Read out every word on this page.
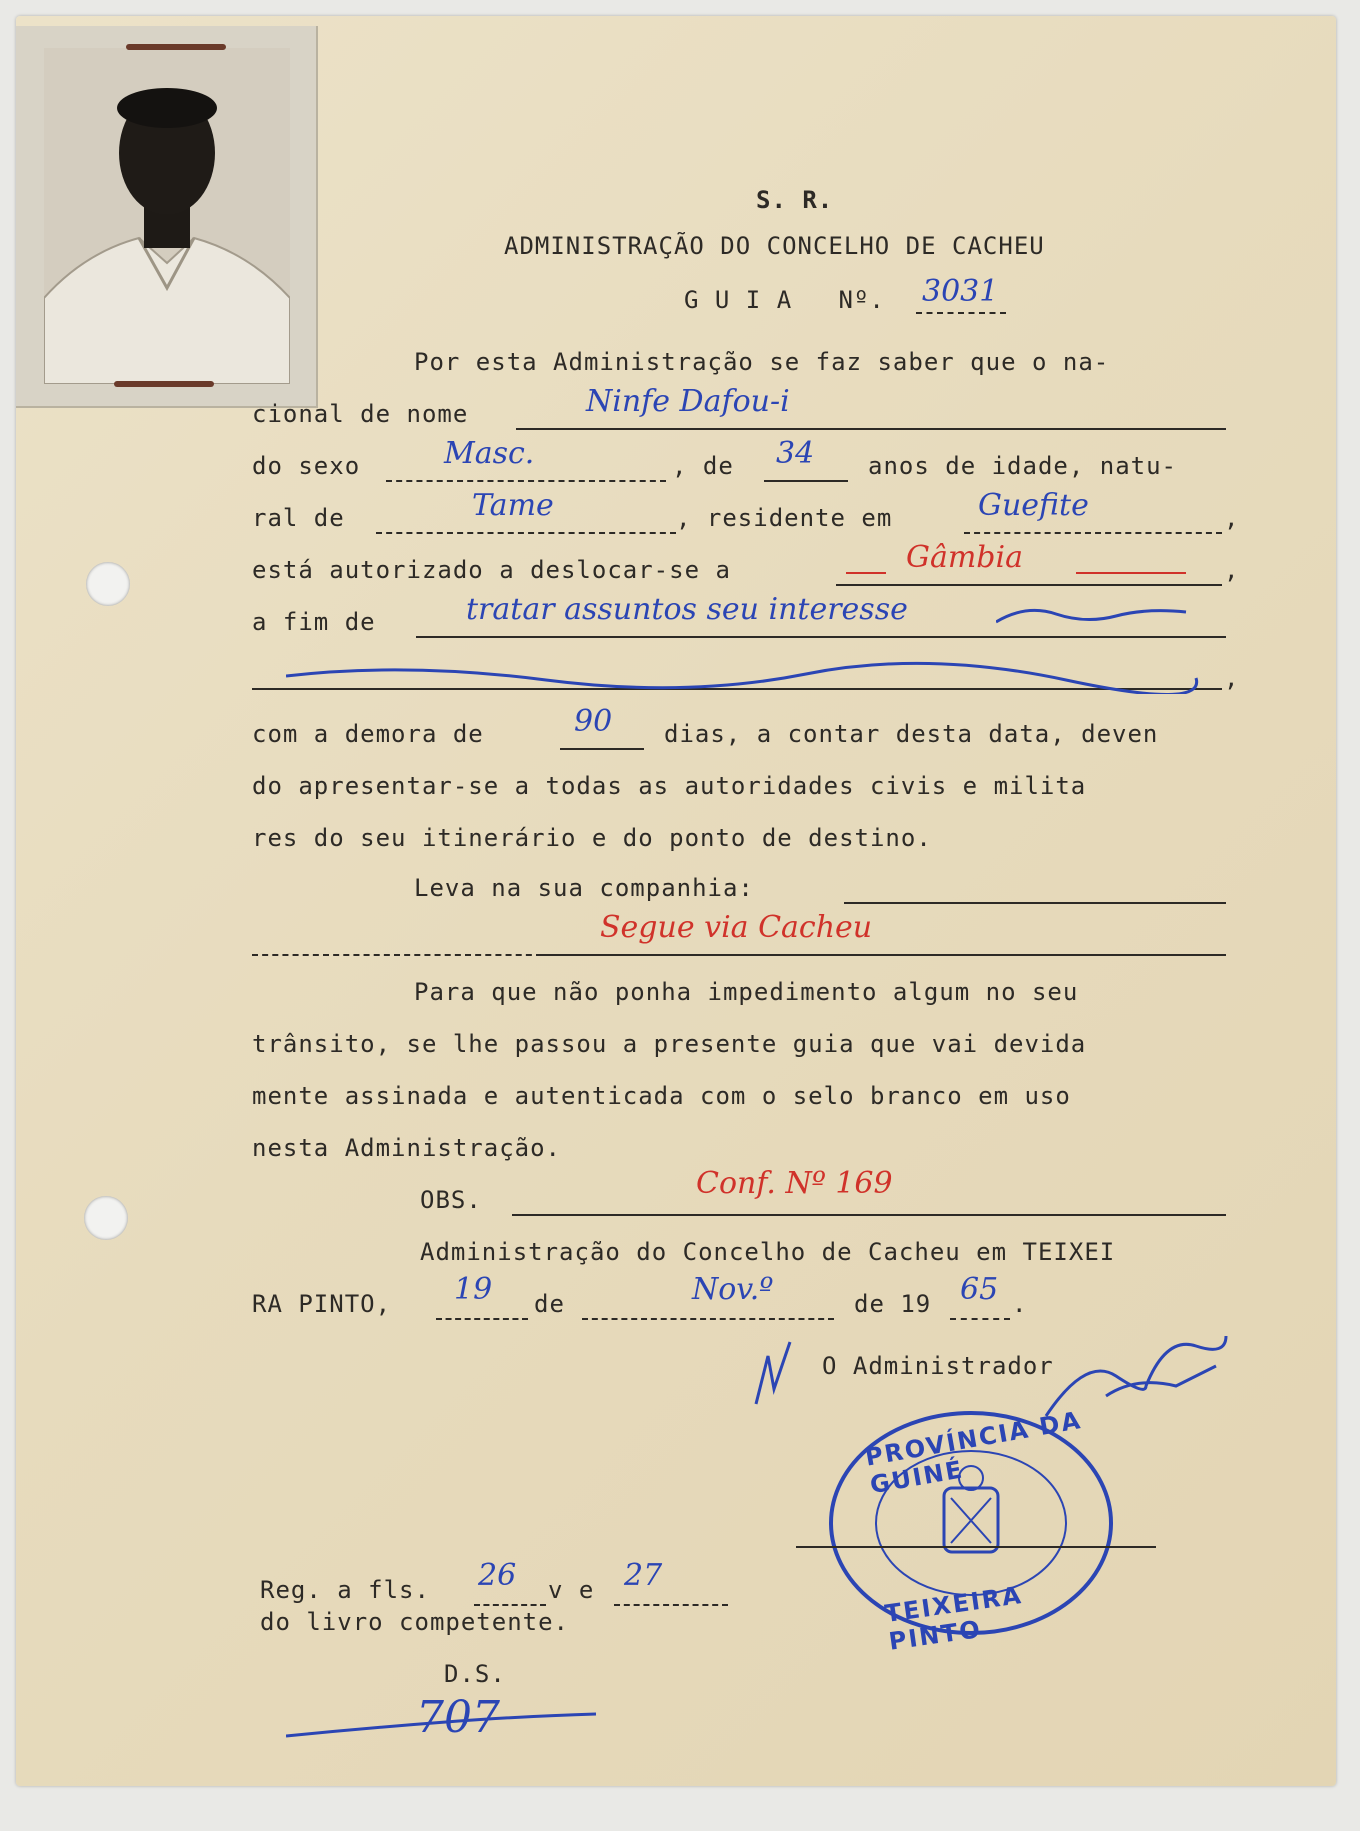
S. R.
ADMINISTRAÇÃO DO CONCELHO DE CACHEU
G U I A   Nº. 3031
Por esta Administração se faz saber que o na-
cional de nome	Ninfe Dafou-i
do sexo	Masc.	, de 34 anos de idade, natu-
ral de	Tame	, residente em	Guefite	,
está autorizado a deslocar-se a	Gâmbia	,
a fim de	tratar assuntos seu interesse
,
com a demora de	90 dias, a contar desta data, deven
do apresentar-se a todas as autoridades civis e milita
res do seu itinerário e do ponto de destino.
Leva na sua companhia:
Segue via Cacheu
Para que não ponha impedimento algum no seu
trânsito, se lhe passou a presente guia que vai devida
mente assinada e autenticada com o selo branco em uso
nesta Administração.
OBS.	Conf. Nº 169
Administração do Concelho de Cacheu em TEIXEI
RA PINTO, 19 de	Nov.º	de 19 65 .
O Administrador
PROVÍNCIA DA GUINÉ
TEIXEIRA PINTO
Reg. a fls. 26 v e 27
do livro competente.
D.S.
707
